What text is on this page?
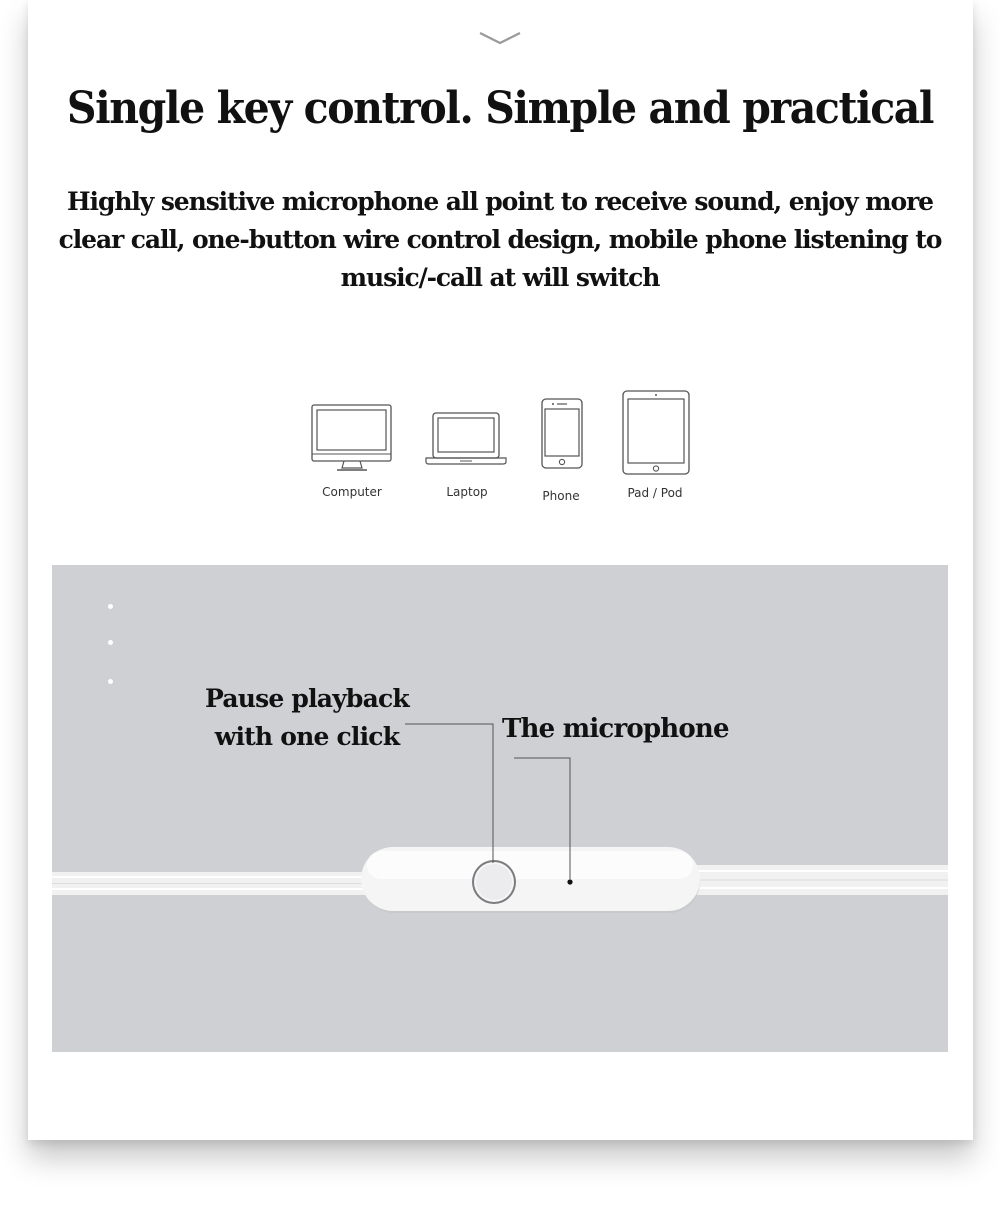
Single key control. Simple and practical

Highly sensitive microphone all point to receive sound, enjoy more clear call, one-button wire control design, mobile phone listening to music/-call at will switch

Computer	Laptop	Phone	Pad / Pod
Pause playback
with one click	The microphone
